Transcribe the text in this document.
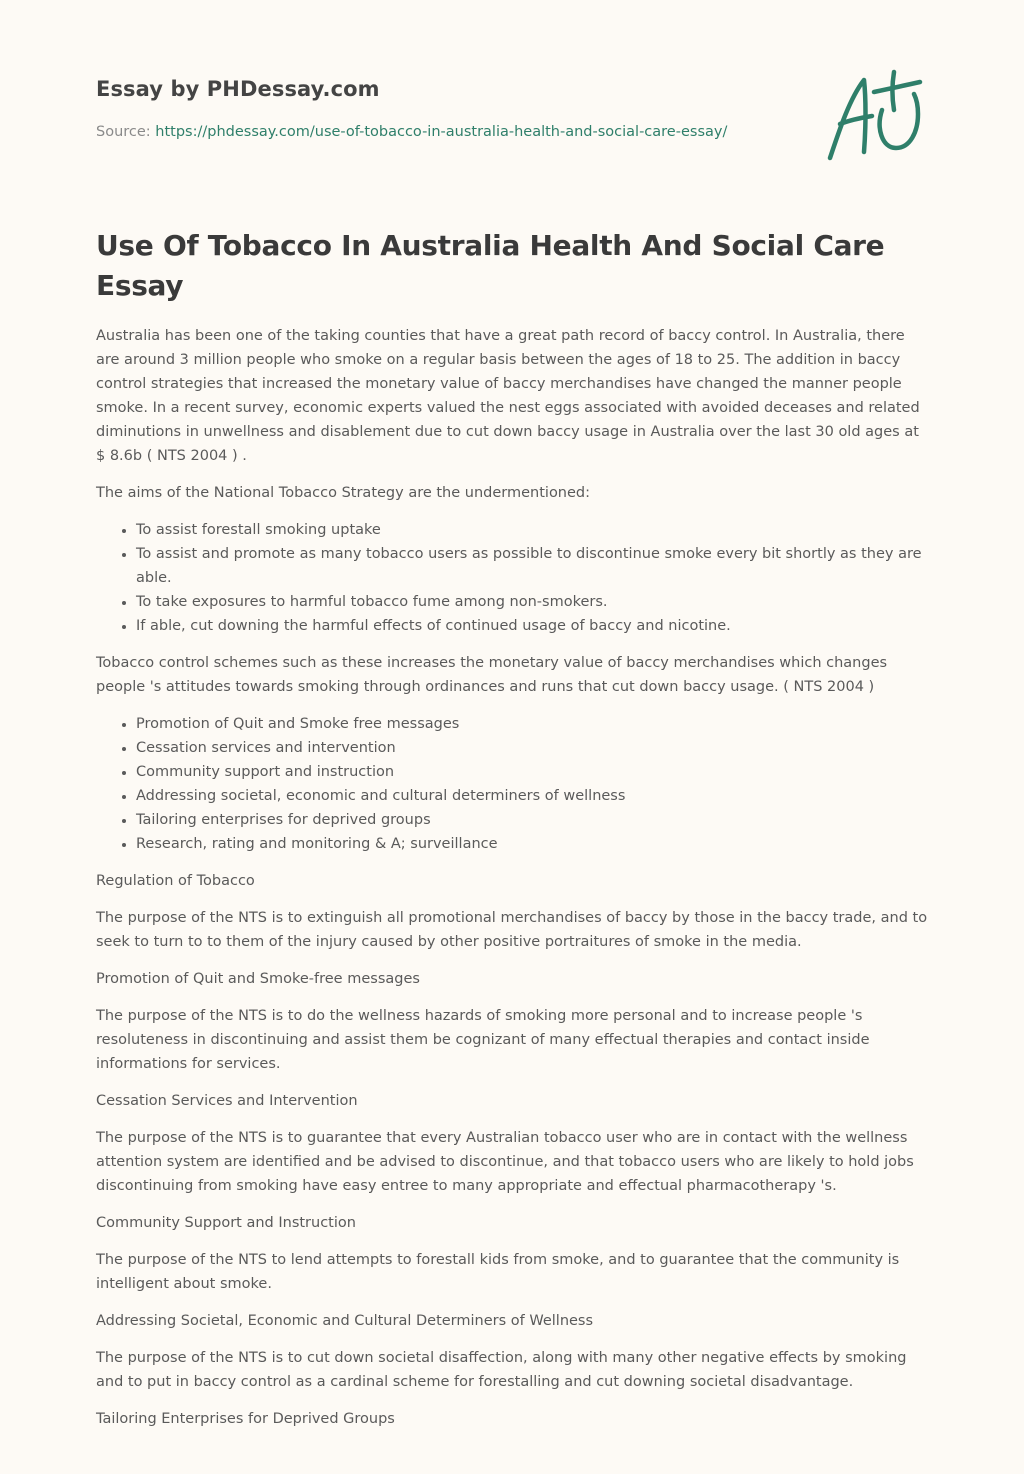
Essay by PHDessay.com
Source: https://phdessay.com/use-of-tobacco-in-australia-health-and-social-care-essay/
Use Of Tobacco In Australia Health And Social Care Essay

Australia has been one of the taking counties that have a great path record of baccy control. In Australia, there are around 3 million people who smoke on a regular basis between the ages of 18 to 25. The addition in baccy control strategies that increased the monetary value of baccy merchandises have changed the manner people smoke. In a recent survey, economic experts valued the nest eggs associated with avoided deceases and related diminutions in unwellness and disablement due to cut down baccy usage in Australia over the last 30 old ages at $ 8.6b ( NTS 2004 ) .

The aims of the National Tobacco Strategy are the undermentioned:

• To assist forestall smoking uptake
• To assist and promote as many tobacco users as possible to discontinue smoke every bit shortly as they are able.
• To take exposures to harmful tobacco fume among non-smokers.
• If able, cut downing the harmful effects of continued usage of baccy and nicotine.

Tobacco control schemes such as these increases the monetary value of baccy merchandises which changes people 's attitudes towards smoking through ordinances and runs that cut down baccy usage. ( NTS 2004 )

• Promotion of Quit and Smoke free messages
• Cessation services and intervention
• Community support and instruction
• Addressing societal, economic and cultural determiners of wellness
• Tailoring enterprises for deprived groups
• Research, rating and monitoring & A; surveillance

Regulation of Tobacco

The purpose of the NTS is to extinguish all promotional merchandises of baccy by those in the baccy trade, and to seek to turn to to them of the injury caused by other positive portraitures of smoke in the media.

Promotion of Quit and Smoke-free messages

The purpose of the NTS is to do the wellness hazards of smoking more personal and to increase people 's resoluteness in discontinuing and assist them be cognizant of many effectual therapies and contact inside informations for services.

Cessation Services and Intervention

The purpose of the NTS is to guarantee that every Australian tobacco user who are in contact with the wellness attention system are identified and be advised to discontinue, and that tobacco users who are likely to hold jobs discontinuing from smoking have easy entree to many appropriate and effectual pharmacotherapy 's.

Community Support and Instruction

The purpose of the NTS to lend attempts to forestall kids from smoke, and to guarantee that the community is intelligent about smoke.

Addressing Societal, Economic and Cultural Determiners of Wellness

The purpose of the NTS is to cut down societal disaffection, along with many other negative effects by smoking and to put in baccy control as a cardinal scheme for forestalling and cut downing societal disadvantage.

Tailoring Enterprises for Deprived Groups
